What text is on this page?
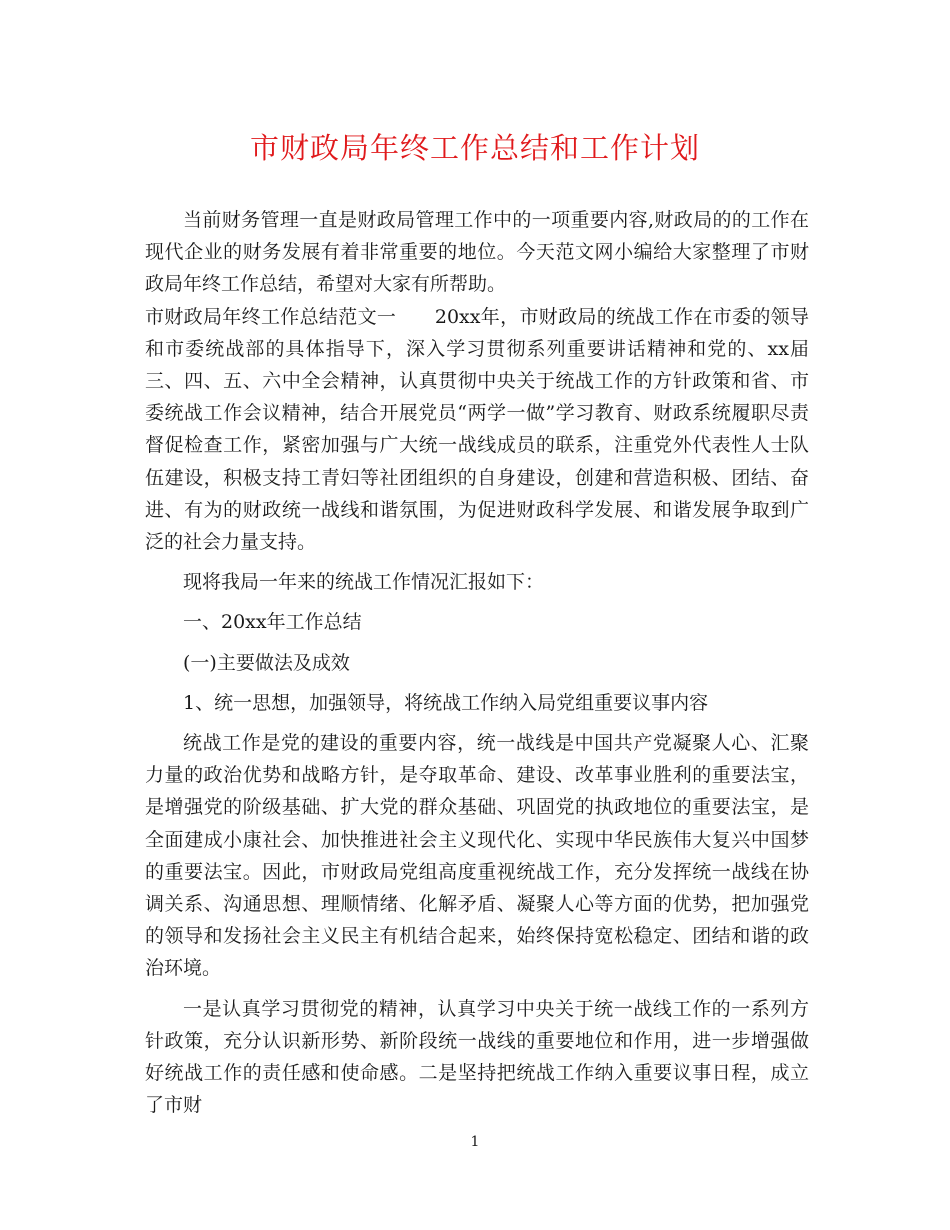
市财政局年终工作总结和工作计划

当前财务管理一直是财政局管理工作中的一项重要内容,财政局的的工作在现代企业的财务发展有着非常重要的地位。今天范文网小编给大家整理了市财政局年终工作总结，希望对大家有所帮助。

市财政局年终工作总结范文一　　20xx年，市财政局的统战工作在市委的领导和市委统战部的具体指导下，深入学习贯彻系列重要讲话精神和党的、xx届三、四、五、六中全会精神，认真贯彻中央关于统战工作的方针政策和省、市委统战工作会议精神，结合开展党员“两学一做”学习教育、财政系统履职尽责督促检查工作，紧密加强与广大统一战线成员的联系，注重党外代表性人士队伍建设，积极支持工青妇等社团组织的自身建设，创建和营造积极、团结、奋进、有为的财政统一战线和谐氛围，为促进财政科学发展、和谐发展争取到广泛的社会力量支持。

现将我局一年来的统战工作情况汇报如下：

一、20xx年工作总结

(一)主要做法及成效

1、统一思想，加强领导，将统战工作纳入局党组重要议事内容

统战工作是党的建设的重要内容，统一战线是中国共产党凝聚人心、汇聚力量的政治优势和战略方针，是夺取革命、建设、改革事业胜利的重要法宝，是增强党的阶级基础、扩大党的群众基础、巩固党的执政地位的重要法宝，是全面建成小康社会、加快推进社会主义现代化、实现中华民族伟大复兴中国梦的重要法宝。因此，市财政局党组高度重视统战工作，充分发挥统一战线在协调关系、沟通思想、理顺情绪、化解矛盾、凝聚人心等方面的优势，把加强党的领导和发扬社会主义民主有机结合起来，始终保持宽松稳定、团结和谐的政治环境。

一是认真学习贯彻党的精神，认真学习中央关于统一战线工作的一系列方针政策，充分认识新形势、新阶段统一战线的重要地位和作用，进一步增强做好统战工作的责任感和使命感。二是坚持把统战工作纳入重要议事日程，成立了市财

1
